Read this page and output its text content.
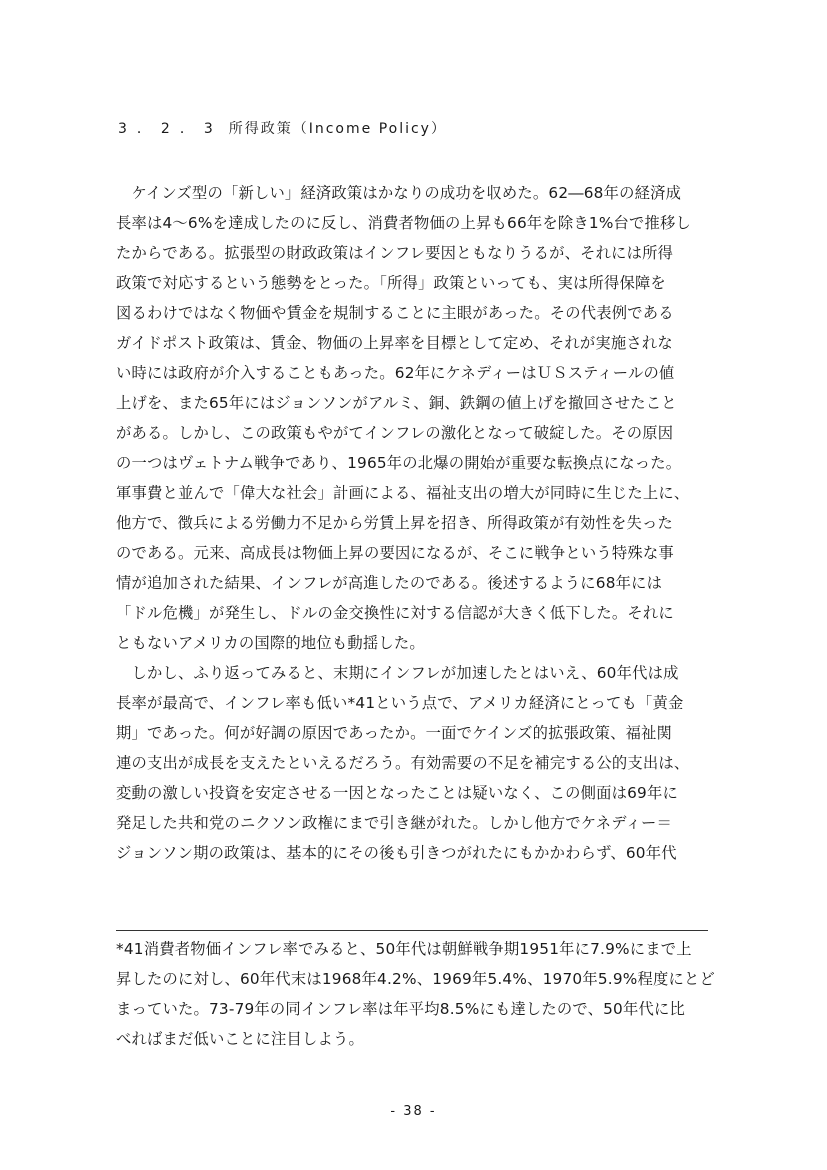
3．2．3 所得政策（Income Policy）
　ケインズ型の「新しい」経済政策はかなりの成功を収めた。62―68年の経済成
長率は4～6%を達成したのに反し、消費者物価の上昇も66年を除き1%台で推移し
たからである。拡張型の財政政策はインフレ要因ともなりうるが、それには所得
政策で対応するという態勢をとった。「所得」政策といっても、実は所得保障を
図るわけではなく物価や賃金を規制することに主眼があった。その代表例である
ガイドポスト政策は、賃金、物価の上昇率を目標として定め、それが実施されな
い時には政府が介入することもあった。62年にケネディーはＵＳスティールの値
上げを、また65年にはジョンソンがアルミ、銅、鉄鋼の値上げを撤回させたこと
がある。しかし、この政策もやがてインフレの激化となって破綻した。その原因
の一つはヴェトナム戦争であり、1965年の北爆の開始が重要な転換点になった。
軍事費と並んで「偉大な社会」計画による、福祉支出の増大が同時に生じた上に、
他方で、徴兵による労働力不足から労賃上昇を招き、所得政策が有効性を失った
のである。元来、高成長は物価上昇の要因になるが、そこに戦争という特殊な事
情が追加された結果、インフレが高進したのである。後述するように68年には
「ドル危機」が発生し、ドルの金交換性に対する信認が大きく低下した。それに
ともないアメリカの国際的地位も動揺した。
　しかし、ふり返ってみると、末期にインフレが加速したとはいえ、60年代は成
長率が最高で、インフレ率も低い*41という点で、アメリカ経済にとっても「黄金
期」であった。何が好調の原因であったか。一面でケインズ的拡張政策、福祉関
連の支出が成長を支えたといえるだろう。有効需要の不足を補完する公的支出は、
変動の激しい投資を安定させる一因となったことは疑いなく、この側面は69年に
発足した共和党のニクソン政権にまで引き継がれた。しかし他方でケネディー＝
ジョンソン期の政策は、基本的にその後も引きつがれたにもかかわらず、60年代
*41消費者物価インフレ率でみると、50年代は朝鮮戦争期1951年に7.9%にまで上
昇したのに対し、60年代末は1968年4.2%、1969年5.4%、1970年5.9%程度にとど
まっていた。73-79年の同インフレ率は年平均8.5%にも達したので、50年代に比
べればまだ低いことに注目しよう。
- 38 -
